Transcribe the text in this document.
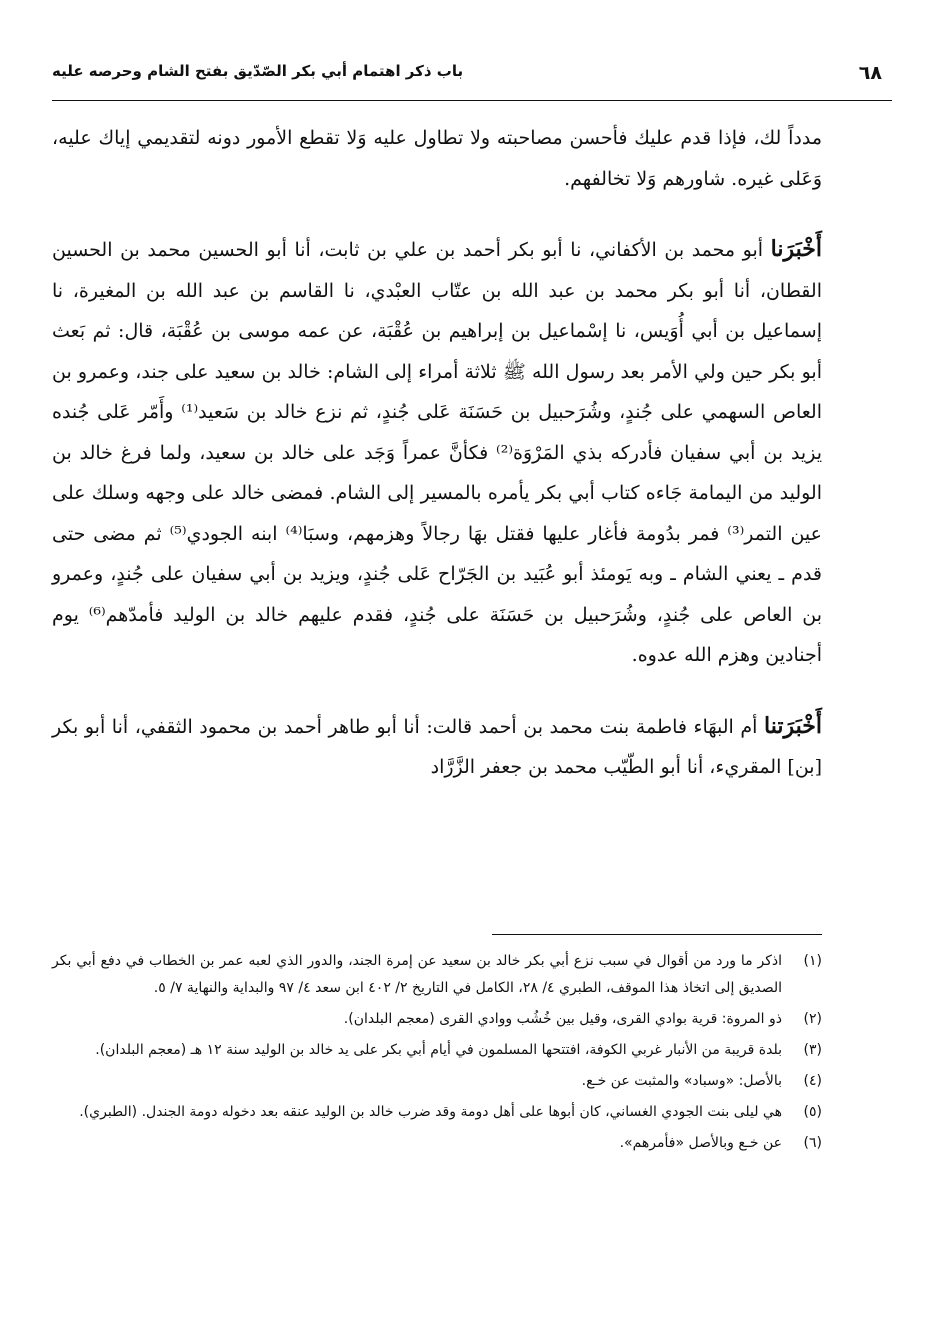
٦٨
باب ذكر اهتمام أبي بكر الصّدّيق بفتح الشام وحرصه عليه

مدداً لك، فإذا قدم عليك فأحسن مصاحبته ولا تطاول عليه وَلا تقطع الأمور دونه لتقديمي إياك عليه، وَعَلى غيره. شاورهم وَلا تخالفهم.

أَخْبَرَنا أبو محمد بن الأكفاني، نا أبو بكر أحمد بن علي بن ثابت، أنا أبو الحسين محمد بن الحسين القطان، أنا أبو بكر محمد بن عبد الله بن عتّاب العبْدي، نا القاسم بن عبد الله بن المغيرة، نا إسماعيل بن أبي أُوَيس، نا إسْماعيل بن إبراهيم بن عُقْبَة، عن عمه موسى بن عُقْبَة، قال: ثم بَعث أبو بكر حين ولي الأمر بعد رسول الله ﷺ ثلاثة أمراء إلى الشام: خالد بن سعيد على جند، وعمرو بن العاص السهمي على جُندٍ، وشُرَحبيل بن حَسَنَة عَلى جُندٍ، ثم نزع خالد بن سَعيد⁽¹⁾ وأَمّر عَلى جُنده يزيد بن أبي سفيان فأدركه بذي المَرْوَة⁽²⁾ فكأنَّ عمراً وَجَد على خالد بن سعيد، ولما فرغ خالد بن الوليد من اليمامة جَاءه كتاب أبي بكر يأمره بالمسير إلى الشام. فمضى خالد على وجهه وسلك على عين التمر⁽³⁾ فمر بدُومة فأغار عليها فقتل بهَا رجالاً وهزمهم، وسبَا⁽⁴⁾ ابنه الجودي⁽⁵⁾ ثم مضى حتى قدم ـ يعني الشام ـ وبه يَومئذ أبو عُبَيد بن الجَرّاح عَلى جُندٍ، ويزيد بن أبي سفيان على جُندٍ، وعمرو بن العاص على جُندٍ، وشُرَحبيل بن حَسَنَة على جُندٍ، فقدم عليهم خالد بن الوليد فأمدّهم⁽⁶⁾ يوم أجنادين وهزم الله عدوه.

أَخْبَرَتنا أم البهَاء فاطمة بنت محمد بن أحمد قالت: أنا أبو طاهر أحمد بن محمود الثقفي، أنا أبو بكر [بن] المقريء، أنا أبو الطّيّب محمد بن جعفر الزَّرَّاد

(١)
اذكر ما ورد من أقوال في سبب نزع أبي بكر خالد بن سعيد عن إمرة الجند، والدور الذي لعبه عمر بن الخطاب في دفع أبي بكر الصديق إلى اتخاذ هذا الموقف، الطبري ٤/ ٢٨، الكامل في التاريخ ٢/ ٤٠٢ ابن سعد ٤/ ٩٧ والبداية والنهاية ٧/ ٥.
(٢)
ذو المروة: قرية بوادي القرى، وقيل بين خُشُب ووادي القرى (معجم البلدان).
(٣)
بلدة قريبة من الأنبار غربي الكوفة، افتتحها المسلمون في أيام أبي بكر على يد خالد بن الوليد سنة ١٢ هـ (معجم البلدان).
(٤)
بالأصل: «وسباد» والمثبت عن خـع.
(٥)
هي ليلى بنت الجودي الغساني، كان أبوها على أهل دومة وقد ضرب خالد بن الوليد عنقه بعد دخوله دومة الجندل. (الطبري).
(٦)
عن خـع وبالأصل «فأمرهم».
